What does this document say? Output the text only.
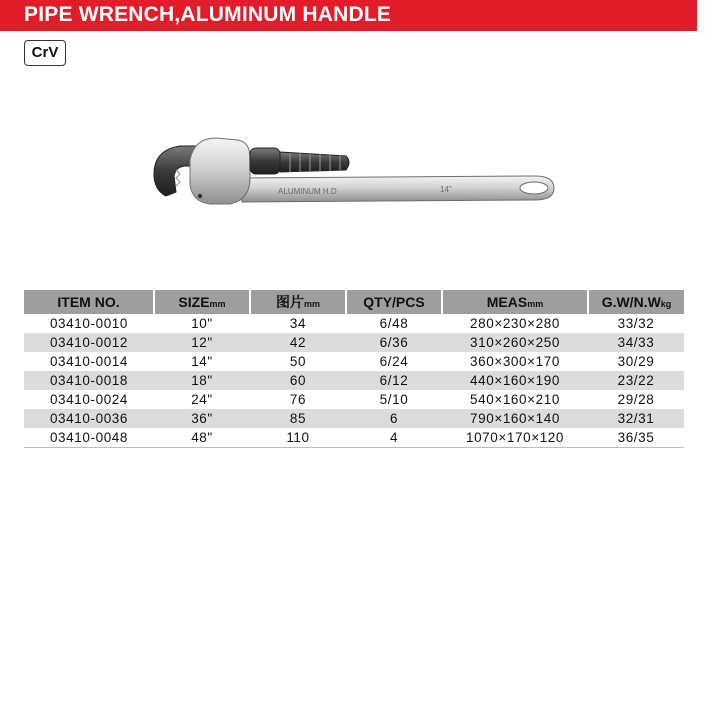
PIPE WRENCH,ALUMINUM HANDLE
CrV
ALUMINUM H.D	14"
ITEM NO.	SIZEmm	图片mm	QTY/PCS	MEASmm	G.W/N.Wkg
03410-0010	10"	34	6/48	280×230×280	33/32
03410-0012	12"	42	6/36	310×260×250	34/33
03410-0014	14"	50	6/24	360×300×170	30/29
03410-0018	18"	60	6/12	440×160×190	23/22
03410-0024	24"	76	5/10	540×160×210	29/28
03410-0036	36"	85	6	790×160×140	32/31
03410-0048	48"	110	4	1070×170×120	36/35
